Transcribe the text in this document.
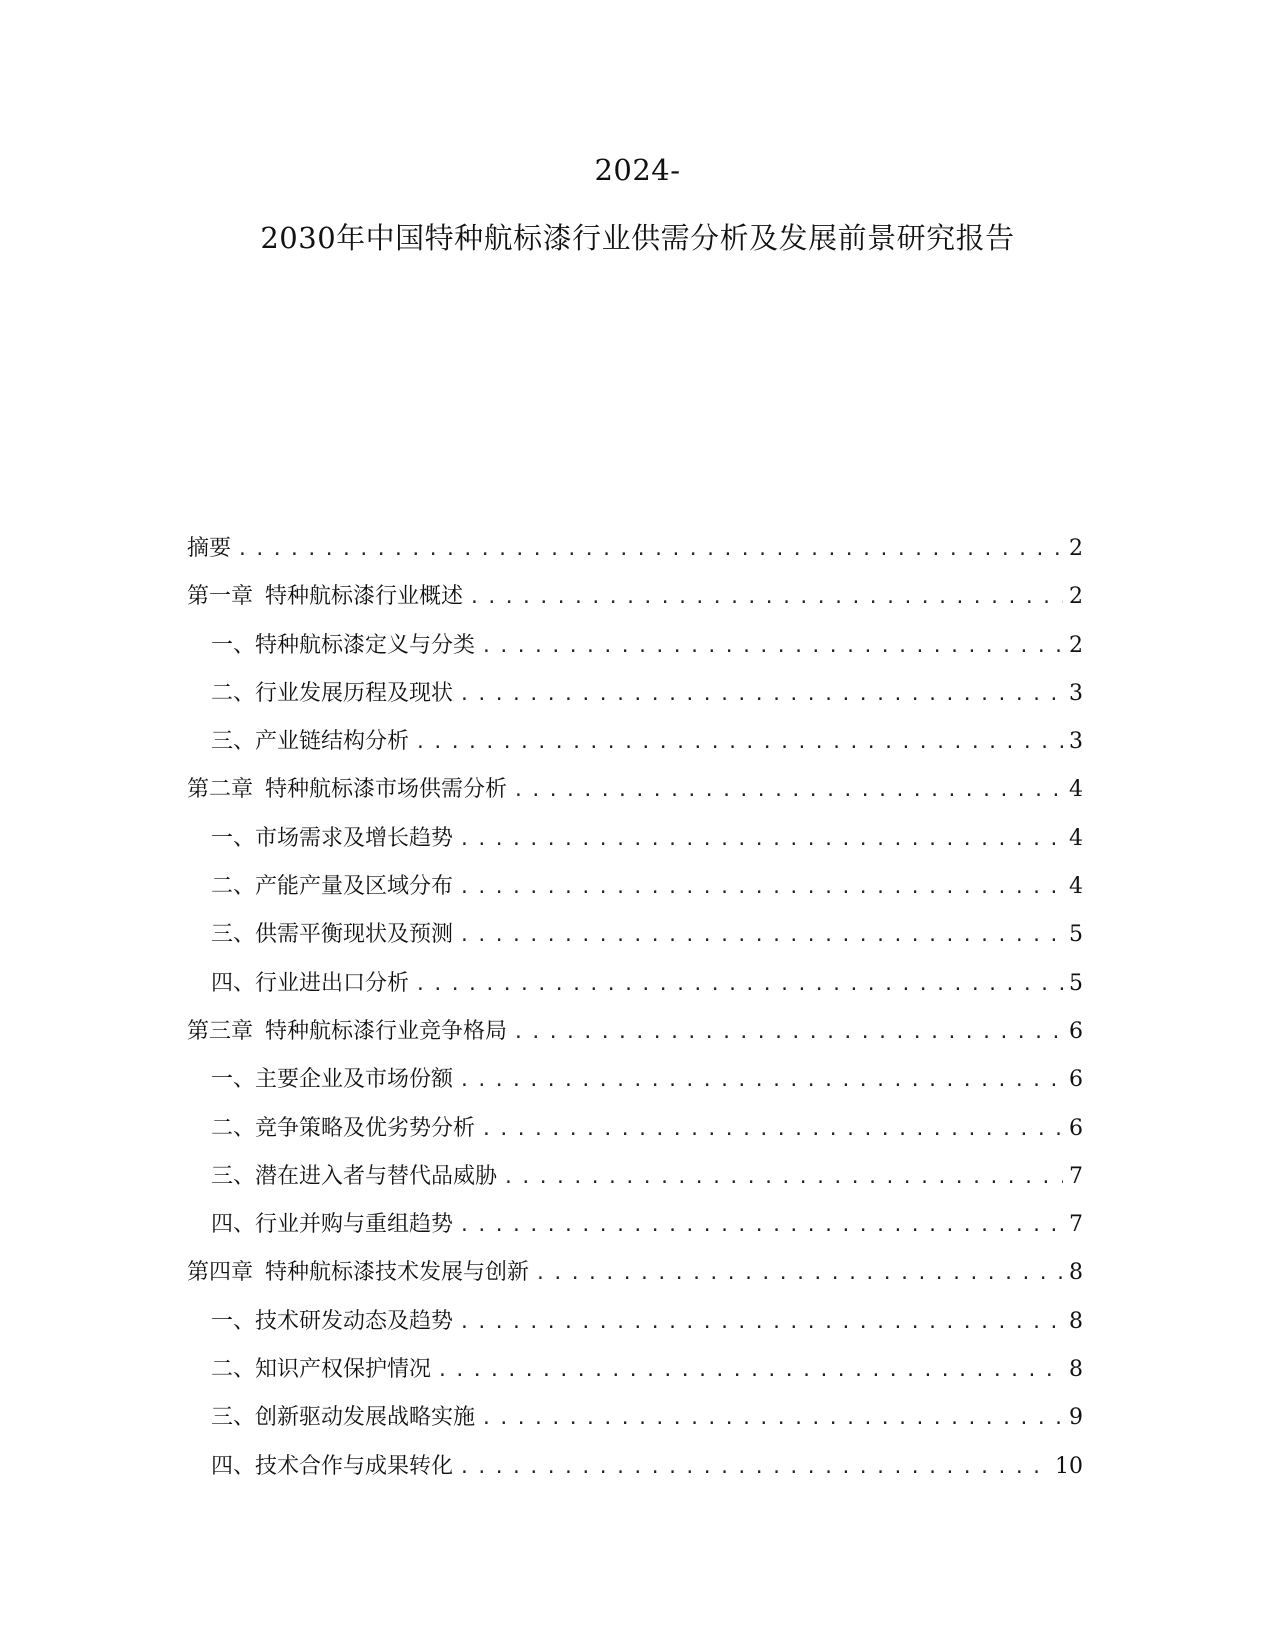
2024-
2030年中国特种航标漆行业供需分析及发展前景研究报告
摘要 .....	2
第一章 特种航标漆行业概述 .....	2
一、 特种航标漆定义与分类 .....	2
二、 行业发展历程及现状 .....	3
三、 产业链结构分析 .....	3
第二章 特种航标漆市场供需分析 .....	4
一、 市场需求及增长趋势 .....	4
二、 产能产量及区域分布 .....	4
三、 供需平衡现状及预测 .....	5
四、 行业进出口分析 .....	5
第三章 特种航标漆行业竞争格局 .....	6
一、 主要企业及市场份额 .....	6
二、 竞争策略及优劣势分析 .....	6
三、 潜在进入者与替代品威胁 .....	7
四、 行业并购与重组趋势 .....	7
第四章 特种航标漆技术发展与创新 .....	8
一、 技术研发动态及趋势 .....	8
二、 知识产权保护情况 .....	8
三、 创新驱动发展战略实施 .....	9
四、 技术合作与成果转化 .....	10
